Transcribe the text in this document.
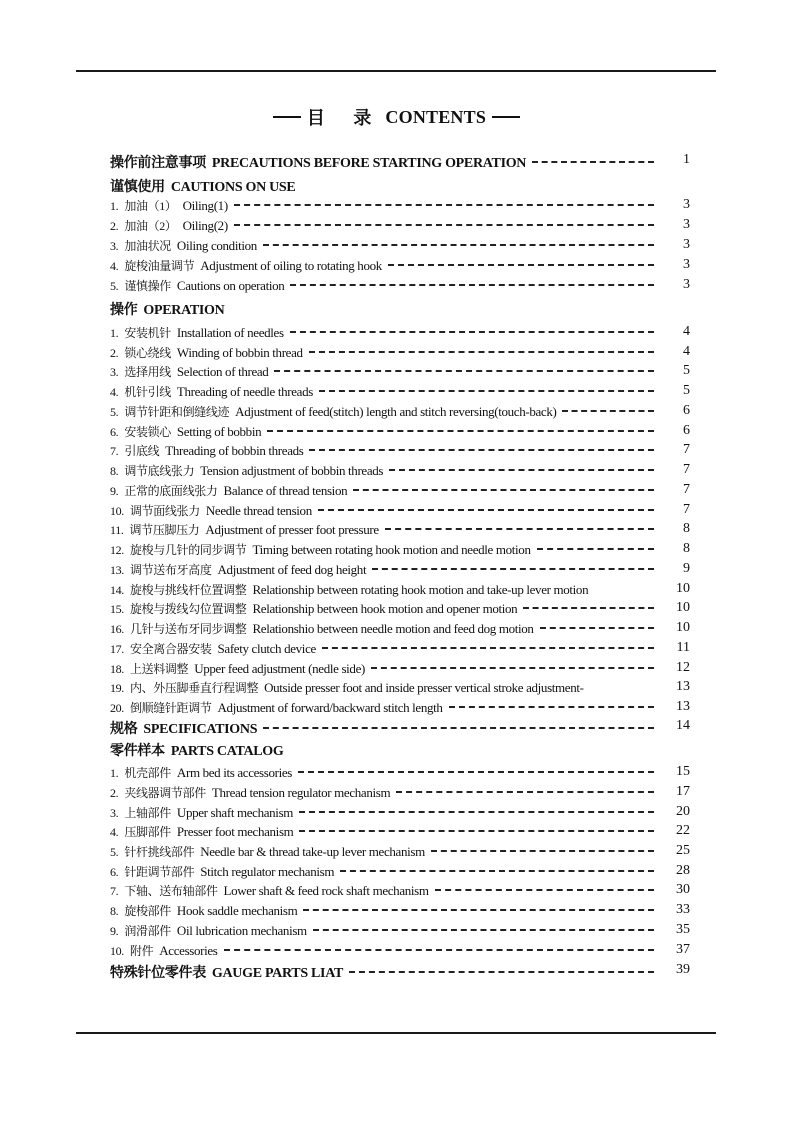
目 录 CONTENTS
操作前注意事项 PRECAUTIONS BEFORE STARTING OPERATION	1
谨慎使用 CAUTIONS ON USE
1. 加油（1） Oiling(1)	3
2. 加油（2） Oiling(2)	3
3. 加油状况 Oiling condition	3
4. 旋梭油量调节 Adjustment of oiling to rotating hook	3
5. 谨慎操作 Cautions on operation	3
操作 OPERATION
1. 安装机针 Installation of needles	4
2. 锁心绕线 Winding of bobbin thread	4
3. 选择用线 Selection of thread	5
4. 机针引线 Threading of needle threads	5
5. 调节针距和倒缝线迹 Adjustment of feed(stitch) length and stitch reversing(touch-back)	6
6. 安装锁心 Setting of bobbin	6
7. 引底线 Threading of bobbin threads	7
8. 调节底线张力 Tension adjustment of bobbin threads	7
9. 正常的底面线张力 Balance of thread tension	7
10. 调节面线张力 Needle thread tension	7
11. 调节压脚压力 Adjustment of presser foot pressure	8
12. 旋梭与几针的同步调节 Timing between rotating hook motion and needle motion	8
13. 调节送布牙高度 Adjustment of feed dog height	9
14. 旋梭与挑线杆位置调整 Relationship between rotating hook motion and take-up lever motion	10
15. 旋梭与拨线勾位置调整 Relationship between hook motion and opener motion	10
16. 几针与送布牙同步调整 Relationshio between needle motion and feed dog motion	10
17. 安全离合器安装 Safety clutch device	11
18. 上送料调整 Upper feed adjustment (nedle side)	12
19. 内、外压脚垂直行程调整 Outside presser foot and inside presser vertical stroke adjustment-	13
20. 倒顺缝针距调节 Adjustment of forward/backward stitch length	13
规格 SPECIFICATIONS	14
零件样本 PARTS CATALOG
1. 机壳部件 Arm bed its accessories	15
2. 夹线器调节部件 Thread tension regulator mechanism	17
3. 上轴部件 Upper shaft mechanism	20
4. 压脚部件 Presser foot mechanism	22
5. 针杆挑线部件 Needle bar & thread take-up lever mechanism	25
6. 针距调节部件 Stitch regulator mechanism	28
7. 下轴、送布轴部件 Lower shaft & feed rock shaft mechanism	30
8. 旋梭部件 Hook saddle mechanism	33
9. 润滑部件 Oil lubrication mechanism	35
10. 附件 Accessories	37
特殊针位零件表 GAUGE PARTS LIAT	39
